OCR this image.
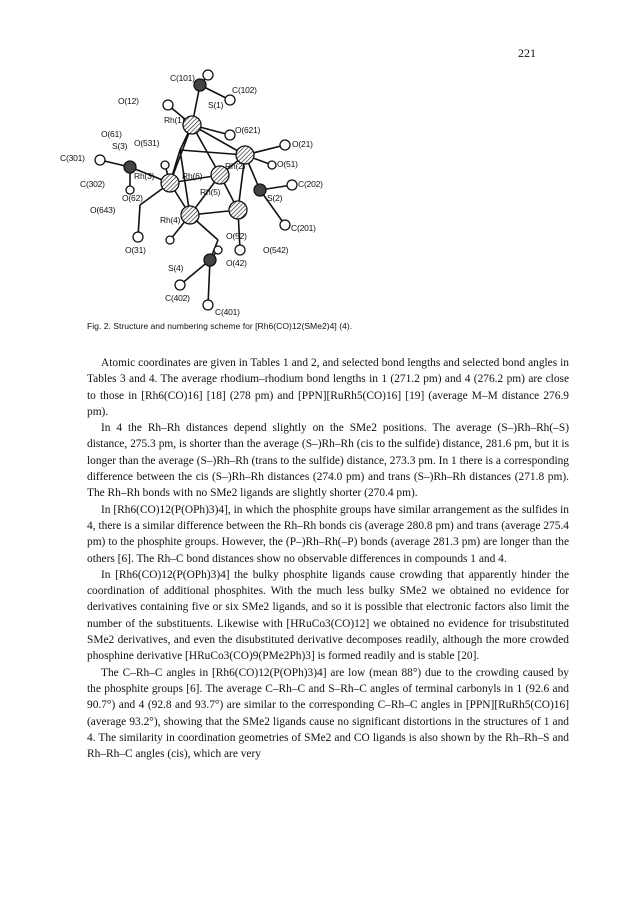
221
C(101)
O(12)
C(102)
S(1)
Rh(1)
O(61)	O(621)
S(3) O(531)
C(301)
O(21)
Rh(2)	O(51)
C(202)
C(302)
Rh(3)	Rh(6)
Rh(5)
S(2)
O(62)
O(643)
Rh(4)
O(52)
C(201)
O(31)	O(542)
S(4)	O(42)
C(402)
C(401)
Fig. 2. Structure and numbering scheme for [Rh6(CO)12(SMe2)4] (4).

Atomic coordinates are given in Tables 1 and 2, and selected bond lengths and selected bond angles in Tables 3 and 4. The average rhodium–rhodium bond lengths in 1 (271.2 pm) and 4 (276.2 pm) are close to those in [Rh6(CO)16] [18] (278 pm) and [PPN][RuRh5(CO)16] [19] (average M–M distance 276.9 pm).

In 4 the Rh–Rh distances depend slightly on the SMe2 positions. The average (S–)Rh–Rh(–S) distance, 275.3 pm, is shorter than the average (S–)Rh–Rh (cis to the sulfide) distance, 281.6 pm, but it is longer than the average (S–)Rh–Rh (trans to the sulfide) distance, 273.3 pm. In 1 there is a corresponding difference between the cis (S–)Rh–Rh distances (274.0 pm) and trans (S–)Rh–Rh distances (271.8 pm). The Rh–Rh bonds with no SMe2 ligands are slightly shorter (270.4 pm).

In [Rh6(CO)12(P(OPh)3)4], in which the phosphite groups have similar arrangement as the sulfides in 4, there is a similar difference between the Rh–Rh bonds cis (average 280.8 pm) and trans (average 275.4 pm) to the phosphite groups. However, the (P–)Rh–Rh(–P) bonds (average 281.3 pm) are longer than the others [6]. The Rh–C bond distances show no observable differences in compounds 1 and 4.

In [Rh6(CO)12(P(OPh)3)4] the bulky phosphite ligands cause crowding that apparently hinder the coordination of additional phosphites. With the much less bulky SMe2 we obtained no evidence for derivatives containing five or six SMe2 ligands, and so it is possible that electronic factors also limit the number of the substituents. Likewise with [HRuCo3(CO)12] we obtained no evidence for trisubstituted SMe2 derivatives, and even the disubstituted derivative decomposes readily, although the more crowded phosphine derivative [HRuCo3(CO)9(PMe2Ph)3] is formed readily and is stable [20].

The C–Rh–C angles in [Rh6(CO)12(P(OPh)3)4] are low (mean 88°) due to the crowding caused by the phosphite groups [6]. The average C–Rh–C and S–Rh–C angles of terminal carbonyls in 1 (92.6 and 90.7°) and 4 (92.8 and 93.7°) are similar to the corresponding C–Rh–C angles in [PPN][RuRh5(CO)16] (average 93.2°), showing that the SMe2 ligands cause no significant distortions in the structures of 1 and 4. The similarity in coordination geometries of SMe2 and CO ligands is also shown by the Rh–Rh–S and Rh–Rh–C angles (cis), which are very
